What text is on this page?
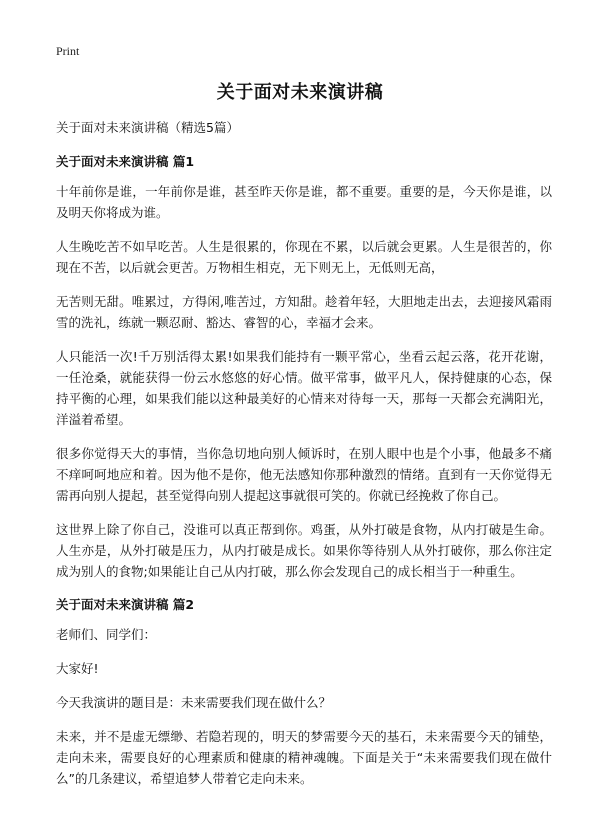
Print
关于面对未来演讲稿
关于面对未来演讲稿（精选5篇）
关于面对未来演讲稿 篇1

十年前你是谁，一年前你是谁，甚至昨天你是谁，都不重要。重要的是，今天你是谁，以及明天你将成为谁。

人生晚吃苦不如早吃苦。人生是很累的，你现在不累，以后就会更累。人生是很苦的，你现在不苦，以后就会更苦。万物相生相克，无下则无上，无低则无高，

无苦则无甜。唯累过，方得闲,唯苦过，方知甜。趁着年轻，大胆地走出去，去迎接风霜雨雪的洗礼，练就一颗忍耐、豁达、睿智的心，幸福才会来。

人只能活一次!千万别活得太累!如果我们能持有一颗平常心，坐看云起云落，花开花谢，一任沧桑，就能获得一份云水悠悠的好心情。做平常事，做平凡人，保持健康的心态，保持平衡的心理，如果我们能以这种最美好的心情来对待每一天，那每一天都会充满阳光，洋溢着希望。

很多你觉得天大的事情，当你急切地向别人倾诉时，在别人眼中也是个小事，他最多不痛不痒呵呵地应和着。因为他不是你，他无法感知你那种激烈的情绪。直到有一天你觉得无需再向别人提起，甚至觉得向别人提起这事就很可笑的。你就已经挽救了你自己。

这世界上除了你自己，没谁可以真正帮到你。鸡蛋，从外打破是食物，从内打破是生命。人生亦是，从外打破是压力，从内打破是成长。如果你等待别人从外打破你，那么你注定成为别人的食物;如果能让自己从内打破，那么你会发现自己的成长相当于一种重生。

关于面对未来演讲稿 篇2

老师们、同学们：

大家好!

今天我演讲的题目是：未来需要我们现在做什么？

未来，并不是虚无缥缈、若隐若现的，明天的梦需要今天的基石，未来需要今天的铺垫，走向未来，需要良好的心理素质和健康的精神魂魄。下面是关于“未来需要我们现在做什么”的几条建议，希望追梦人带着它走向未来。
